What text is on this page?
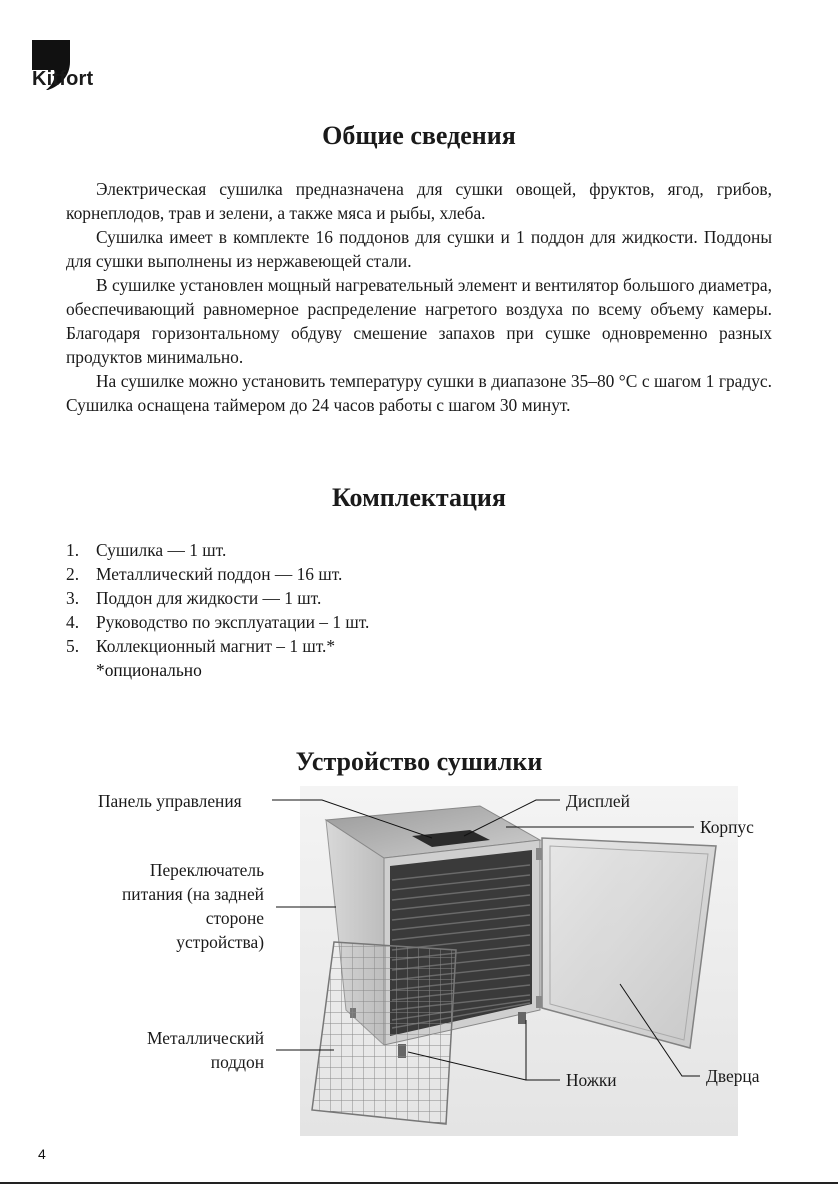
Kitfort
Общие сведения

Электрическая сушилка предназначена для сушки овощей, фруктов, ягод, грибов, корнеплодов, трав и зелени, а также мяса и рыбы, хлеба.

Сушилка имеет в комплекте 16 поддонов для сушки и 1 поддон для жидкости. Поддоны для сушки выполнены из нержавеющей стали.

В сушилке установлен мощный нагревательный элемент и вентилятор большого диаметра, обеспечивающий равномерное распределение нагретого воздуха по всему объему камеры. Благодаря горизонтальному обдуву смешение запахов при сушке одновременно разных продуктов минимально.

На сушилке можно установить температуру сушки в диапазоне 35–80 °С с шагом 1 градус. Сушилка оснащена таймером до 24 часов работы с шагом 30 минут.

Комплектация
1. Сушилка — 1 шт.
2. Металлический поддон — 16 шт.
3. Поддон для жидкости — 1 шт.
4. Руководство по эксплуатации – 1 шт.
5. Коллекционный магнит – 1 шт.*
*опционально
Устройство сушилки
Панель управления	Дисплей
Корпус
Переключатель
питания (на задней
стороне
устройства)
Металлический
поддон
Ножки	Дверца
4
